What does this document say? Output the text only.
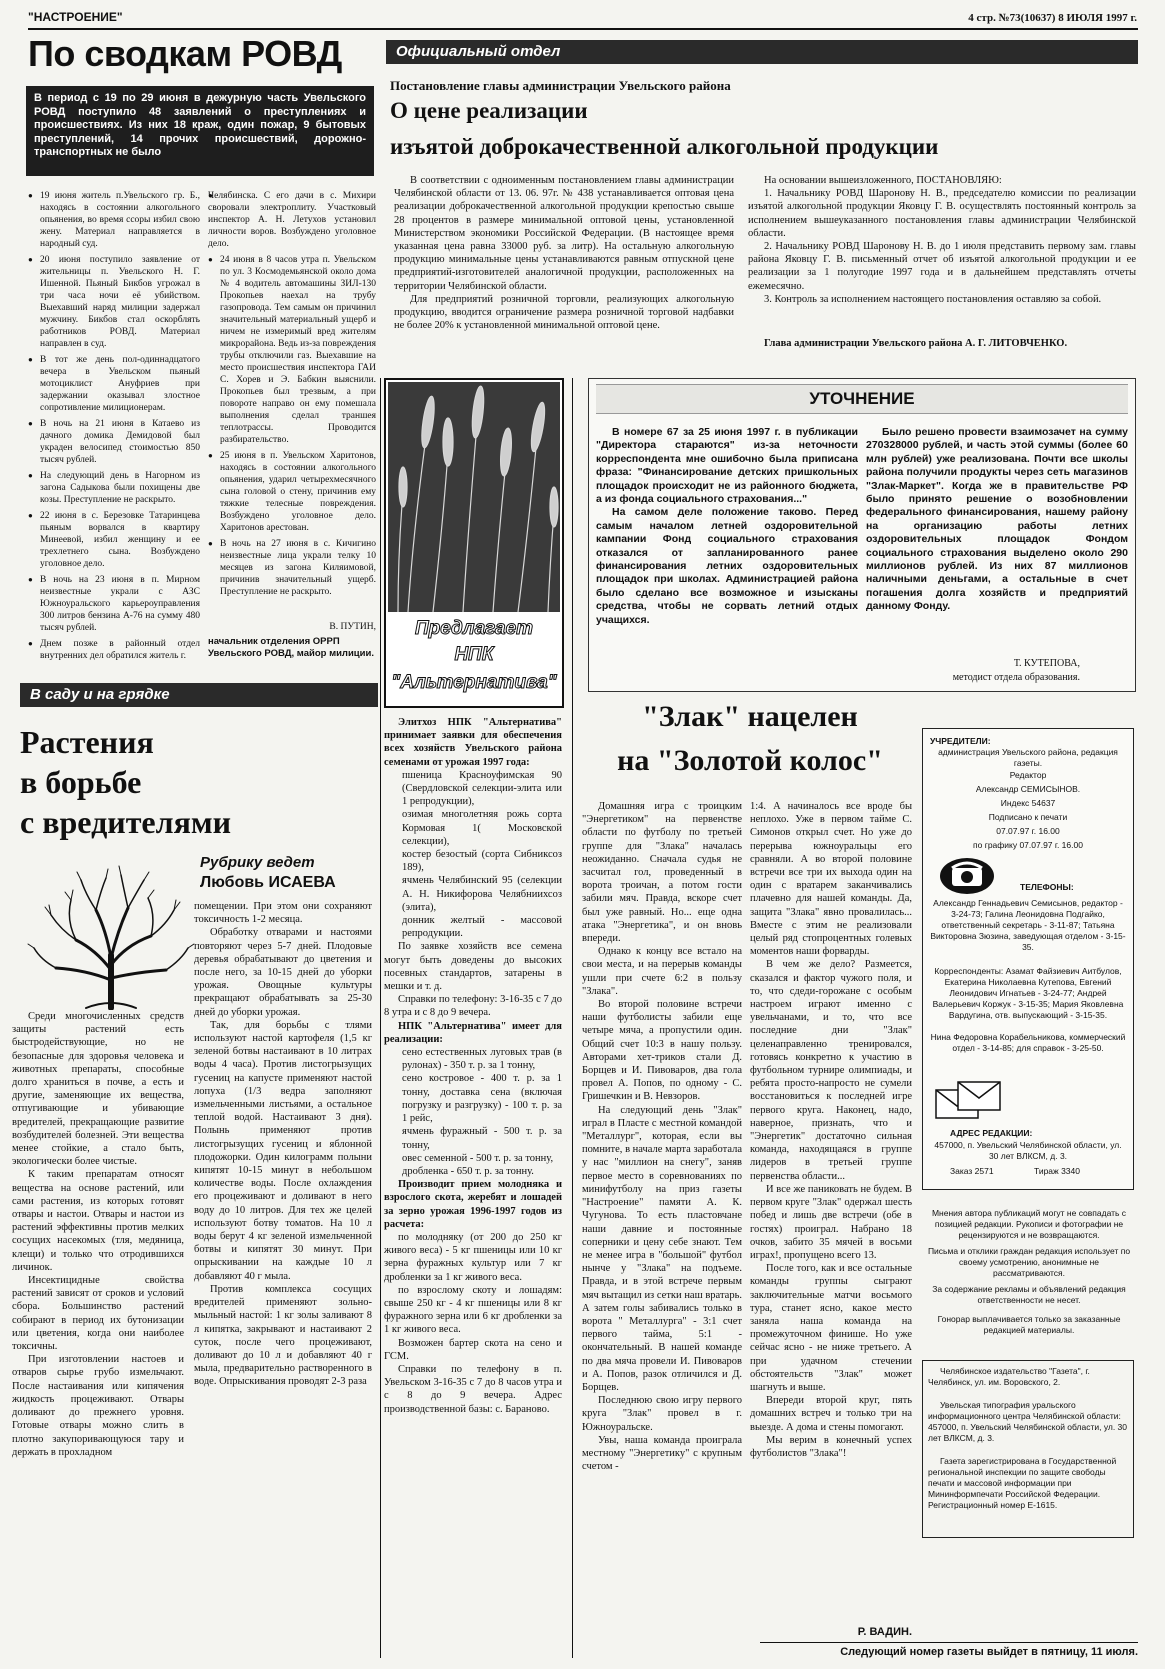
"НАСТРОЕНИЕ"	4 стр. №73(10637) 8 ИЮЛЯ 1997 г.
По сводкам РОВД
В период с 19 по 29 июня в дежурную часть Увельского РОВД поступило 48 заявлений о преступлениях и происшествиях. Из них 18 краж, один пожар, 9 бытовых преступлений, 14 прочих происшествий, дорожно-транспортных не было

● 19 июня житель п.Увельского гр. Б., находясь в состоянии алкогольного опьянения, во время ссоры избил свою жену. Материал направляется в народный суд.

● 20 июня поступило заявление от жительницы п. Увельского Н. Г. Ишенной. Пьяный Бикбов угрожал в три часа ночи её убийством. Выехавший наряд милиции задержал мужчину. Бикбов стал оскорблять работников РОВД. Материал направлен в суд.

● В тот же день пол-одиннадцатого вечера в Увельском пьяный мотоциклист Ануфриев при задержании оказывал злостное сопротивление милиционерам.

● В ночь на 21 июня в Катаево из дачного домика Демидовой был украден велосипед стоимостью 850 тысяч рублей.

● На следующий день в Нагорном из загона Садыкова были похищены две козы. Преступление не раскрыто.

● 22 июня в с. Березовке Татаринцева пьяным ворвался в квартиру Минеевой, избил женщину и ее трехлетнего сына. Возбуждено уголовное дело.

● В ночь на 23 июня в п. Мирном неизвестные украли с АЗС Южноуральского карьероуправления 300 литров бензина А-76 на сумму 480 тысяч рублей.

● Днем позже в районный отдел внутренних дел обратился житель г.

● Челябинска. С его дачи в с. Михири своровали электроплиту. Участковый инспектор А. Н. Летухов установил личности воров. Возбуждено уголовное дело.

● 24 июня в 8 часов утра п. Увельском по ул. 3 Космодемьянской около дома № 4 водитель автомашины ЗИЛ-130 Прокопьев наехал на трубу газопровода. Тем самым он причинил значительный материальный ущерб и ничем не измеримый вред жителям микрорайона. Ведь из-за повреждения трубы отключили газ. Выехавшие на место происшествия инспектора ГАИ С. Хорев и Э. Бабкин выяснили. Прокопьев был трезвым, а при повороте направо он ему помешала выполнения сделал траншея теплотрассы. Проводится разбирательство.

● 25 июня в п. Увельском Харитонов, находясь в состоянии алкогольного опьянения, ударил четырехмесячного сына головой о стену, причинив ему тяжкие телесные повреждения. Возбуждено уголовное дело. Харитонов арестован.

● В ночь на 27 июня в с. Кичигино неизвестные лица украли телку 10 месяцев из загона Киляимовой, причинив значительный ущерб. Преступление не раскрыто.

В. ПУТИН,
начальник отделения ОРРП Увельского РОВД, майор милиции.
Официальный отдел
Постановление главы администрации Увельского района
О цене реализации
изъятой доброкачественной алкогольной продукции

В соответствии с одноименным постановлением главы администрации Челябинской области от 13. 06. 97г. № 438 устанавливается оптовая цена реализации доброкачественной алкогольной продукции крепостью свыше 28 процентов в размере минимальной оптовой цены, установленной Министерством экономики Российской Федерации. (В настоящее время указанная цена равна 33000 руб. за литр). На остальную алкогольную продукцию минимальные цены устанавливаются равным отпускной цене предприятий-изготовителей аналогичной продукции, расположенных на территории Челябинской области.

Для предприятий розничной торговли, реализующих алкогольную продукцию, вводится ограничение размера розничной торговой надбавки не более 20% к установленной минимальной оптовой цене.

На основании вышеизложенного, ПОСТАНОВЛЯЮ:

1. Начальнику РОВД Шаронову Н. В., председателю комиссии по реализации изъятой алкогольной продукции Яковцу Г. В. осуществлять постоянный контроль за исполнением вышеуказанного постановления главы администрации Челябинской области.

2. Начальнику РОВД Шаронову Н. В. до 1 июля представить первому зам. главы района Яковцу Г. В. письменный отчет об изъятой алкогольной продукции и ее реализации за 1 полугодие 1997 года и в дальнейшем представлять отчеты ежемесячно.

3. Контроль за исполнением настоящего постановления оставляю за собой.

Глава администрации Увельского района А. Г. ЛИТОВЧЕНКО.
УТОЧНЕНИЕ

В номере 67 за 25 июня 1997 г. в публикации "Директора стараются" из-за неточности корреспондента мне ошибочно была приписана фраза: "Финансирование детских пришкольных площадок происходит не из районного бюджета, а из фонда социального страхования..."

На самом деле положение таково. Перед самым началом летней оздоровительной кампании Фонд социального страхования отказался от запланированного ранее финансирования летних оздоровительных площадок при школах. Администрацией района было сделано все возможное и изысканы средства, чтобы не сорвать летний отдых учащихся.

Было решено провести взаимозачет на сумму 270328000 рублей, и часть этой суммы (более 60 млн рублей) уже реализована. Почти все школы района получили продукты через сеть магазинов "Злак-Маркет". Когда же в правительстве РФ было принято решение о возобновлении федерального финансирования, нашему району на организацию работы летних оздоровительных площадок Фондом социального страхования выделено около 290 миллионов рублей. Из них 87 миллионов наличными деньгами, а остальные в счет погашения долга хозяйств и предприятий данному Фонду.

Т. КУТЕПОВА,
методист отдела образования.
В саду и на грядке
Растения
в борьбе
с вредителями
Рубрику ведет
Любовь ИСАЕВА

Среди многочисленных средств защиты растений есть быстродействующие, но не безопасные для здоровья человека и животных препараты, способные долго храниться в почве, а есть и другие, заменяющие их вещества, отпугивающие и убивающие вредителей, прекращающие развитие возбудителей болезней. Эти вещества менее стойкие, а стало быть, экологически более чистые.

К таким препаратам относят вещества на основе растений, или сами растения, из которых готовят отвары и настои. Отвары и настои из растений эффективны против мелких сосущих насекомых (тля, медяница, клещи) и только что отродившихся личинок.

Инсектицидные свойства растений зависят от сроков и условий сбора. Большинство растений собирают в период их бутонизации или цветения, когда они наиболее токсичны.

При изготовлении настоев и отваров сырье грубо измельчают. После настаивания или кипячения жидкость процеживают. Отвары доливают до прежнего уровня. Готовые отвары можно слить в плотно закупоривающуюся тару и держать в прохладном

помещении. При этом они сохраняют токсичность 1-2 месяца.

Обработку отварами и настоями повторяют через 5-7 дней. Плодовые деревья обрабатывают до цветения и после него, за 10-15 дней до уборки урожая. Овощные культуры прекращают обрабатывать за 25-30 дней до уборки урожая.

Так, для борьбы с тлями используют настой картофеля (1,5 кг зеленой ботвы настаивают в 10 литрах воды 4 часа). Против листогрызущих гусениц на капусте применяют настой лопуха (1/3 ведра заполняют измельченными листьями, а остальное теплой водой. Настаивают 3 дня). Полынь применяют против листогрызущих гусениц и яблонной плодожорки. Один килограмм полыни кипятят 10-15 минут в небольшом количестве воды. После охлаждения его процеживают и доливают в него воду до 10 литров. Для тех же целей используют ботву томатов. На 10 л воды берут 4 кг зеленой измельченной ботвы и кипятят 30 минут. При опрыскивании на каждые 10 л добавляют 40 г мыла.

Против комплекса сосущих вредителей применяют зольно-мыльный настой: 1 кг золы заливают 8 л кипятка, закрывают и настаивают 2 суток, после чего процеживают, доливают до 10 л и добавляют 40 г мыла, предварительно растворенного в воде. Опрыскивания проводят 2-3 раза

Предлагает
НПК
"Альтернатива"

Элитхоз НПК "Альтернатива" принимает заявки для обеспечения всех хозяйств Увельского района семенами от урожая 1997 года:

пшеница Красноуфимская 90 (Свердловской селекции-элита или 1 репродукции),

озимая многолетняя рожь сорта Кормовая 1( Московской селекции),

костер безостый (сорта Сибниксоз 189),

ячмень Челябинский 95 (селекции А. Н. Никифорова Челябниихсоз (элита),

донник желтый - массовой репродукции.

По заявке хозяйств все семена могут быть доведены до высоких посевных стандартов, затарены в мешки и т. д.

Справки по телефону: 3-16-35 с 7 до 8 утра и с 8 до 9 вечера.

НПК "Альтернатива" имеет для реализации:

сено естественных луговых трав (в рулонах) - 350 т. р. за 1 тонну,

сено костровое - 400 т. р. за 1 тонну, доставка сена (включая погрузку и разгрузку) - 100 т. р. за 1 рейс,

ячмень фуражный - 500 т. р. за тонну,

овес семенной - 500 т. р. за тонну,

дробленка - 650 т. р. за тонну.

Производит прием молодняка и взрослого скота, жеребят и лошадей за зерно урожая 1996-1997 годов из расчета:

по молодняку (от 200 до 250 кг живого веса) - 5 кг пшеницы или 10 кг зерна фуражных культур или 7 кг дробленки за 1 кг живого веса.

по взрослому скоту и лошадям: свыше 250 кг - 4 кг пшеницы или 8 кг фуражного зерна или 6 кг дробленки за 1 кг живого веса.

Возможен бартер скота на сено и ГСМ.

Справки по телефону в п. Увельском 3-16-35 с 7 до 8 часов утра и с 8 до 9 вечера. Адрес производственной базы: с. Бараново.

"Злак" нацелен
на "Золотой колос"

Домашняя игра с троицким "Энергетиком" на первенстве области по футболу по третьей группе для "Злака" началась неожиданно. Сначала судья не засчитал гол, проведенный в ворота троичан, а потом гости забили мяч. Правда, вскоре счет был уже равный. Но... еще одна атака "Энергетика", и он вновь впереди.

Однако к концу все встало на свои места, и на перерыв команды ушли при счете 6:2 в пользу "Злака".

Во второй половине встречи наши футболисты забили еще четыре мяча, а пропустили один. Общий счет 10:3 в нашу пользу. Авторами хет-триков стали Д. Борщев и И. Пивоваров, два гола провел А. Попов, по одному - С. Гришечкин и В. Невзоров.

На следующий день "Злак" играл в Пласте с местной командой "Металлург", которая, если вы помните, в начале марта заработала у нас "миллион на снегу", заняв первое место в соревнованиях по минифутболу на приз газеты "Настроение" памяти А. К. Чугунова. То есть пластовчане наши давние и постоянные соперники и цену себе знают. Тем не менее игра в "большой" футбол нынче у "Злака" на подъеме. Правда, и в этой встрече первым мяч вытащил из сетки наш вратарь. А затем голы забивались только в ворота " Металлурга" - 3:1 счет первого тайма, 5:1 - окончательный. В нашей команде по два мяча провели И. Пивоваров и А. Попов, разок отличился и Д. Борщев.

Последнюю свою игру первого круга "Злак" провел в г. Южноуральске.

Увы, наша команда проиграла местному "Энергетику" с крупным счетом -

1:4. А начиналось все вроде бы неплохо. Уже в первом тайме С. Симонов открыл счет. Но уже до перерыва южноуральцы его сравняли. А во второй половине встречи все три их выхода один на один с вратарем заканчивались плачевно для нашей команды. Да, защита "Злака" явно провалилась... Вместе с этим не реализовали целый ряд стопроцентных голевых моментов наши форварды.

В чем же дело? Размеется, сказался и фактор чужого поля, и то, что сдеди-горожане с особым настроем играют именно с увельчанами, и то, что все последние дни "Злак" целенаправленно тренировался, готовясь конкретно к участию в футбольном турнире олимпиады, и ребята просто-напросто не сумели восстановиться к последней игре первого круга. Наконец, надо, наверное, признать, что и "Энергетик" достаточно сильная команда, находящаяся в группе лидеров в третьей группе первенства области...

И все же паниковать не будем. В первом круге "Злак" одержал шесть побед и лишь две встречи (обе в гостях) проиграл. Набрано 18 очков, забито 35 мячей в восьми играх!, пропущено всего 13.

После того, как и все остальные команды группы сыграют заключительные матчи восьмого тура, станет ясно, какое место заняла наша команда на промежуточном финише. Но уже сейчас ясно - не ниже третьего. А при удачном стечении обстоятельств "Злак" может шагнуть и выше.

Впереди второй круг, пять домашних встреч и только три на выезде. А дома и стены помогают.

Мы верим в конечный успех футболистов "Злака"!

Р. ВАДИН.
УЧРЕДИТЕЛИ:
администрация Увельского района, редакция газеты.
Редактор
Александр СЕМИСЫНОВ.
Индекс 54637
Подписано к печати
07.07.97 г. 16.00
по графику 07.07.97 г. 16.00
ТЕЛЕФОНЫ:
Александр Геннадьевич Семисынов, редактор - 3-24-73; Галина Леонидовна Подгайко, ответственный секретарь - 3-11-87; Татьяна Викторовна Зюзина, заведующая отделом - 3-15-35.
Корреспонденты: Азамат Файзиевич Аитбулов, Екатерина Николаевна Кутепова, Евгений Леонидович Игнатьев - 3-24-77; Андрей Валерьевич Коржук - 3-15-35; Мария Яковлевна Вардугина, отв. выпускающий - 3-15-35.
Нина Федоровна Корабельникова, коммерческий отдел - 3-14-85; для справок - 3-25-50.
АДРЕС РЕДАКЦИИ:
457000, п. Увельский Челябинской области, ул. 30 лет ВЛКСМ, д. 3.
Заказ 2571	Тираж 3340
Мнения автора публикаций могут не совпадать с позицией редакции. Рукописи и фотографии не рецензируются и не возвращаются.
Письма и отклики граждан редакция использует по своему усмотрению, анонимные не рассматриваются.
За содержание рекламы и объявлений редакция ответственности не несет.
Гонорар выплачивается только за заказанные редакцией материалы.
Челябинское издательство "Газета", г. Челябинск, ул. им. Воровского, 2.
Увельская типография уральского информационного центра Челябинской области: 457000, п. Увельский Челябинской области, ул. 30 лет ВЛКСМ, д. 3.
Газета зарегистрирована в Государственной региональной инспекции по защите свободы печати и массовой информации при Мининформпечати Российской Федерации. Регистрационный номер Е-1615.
Следующий номер газеты выйдет в пятницу, 11 июля.
